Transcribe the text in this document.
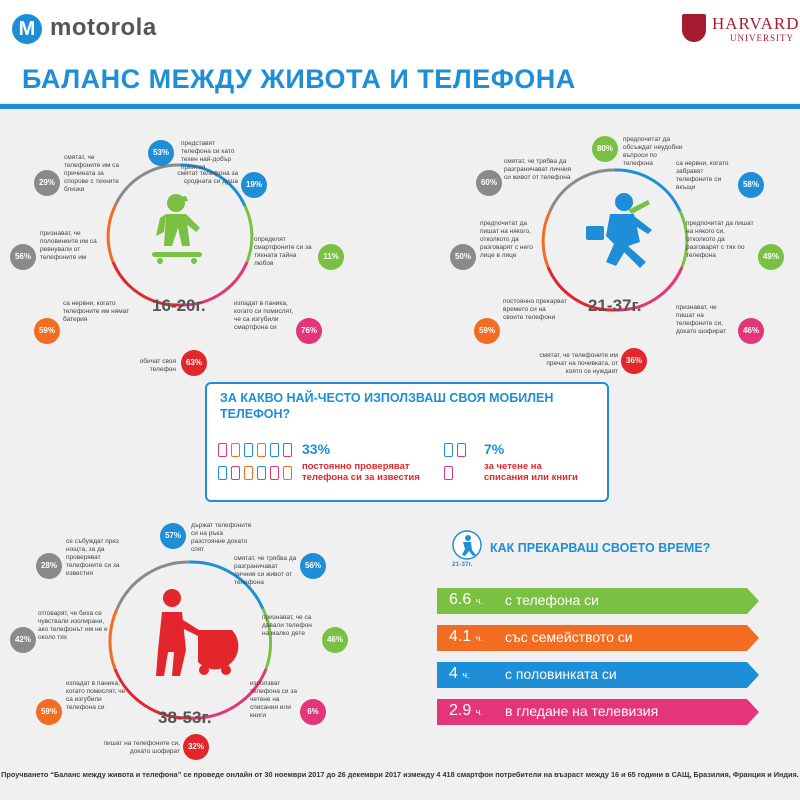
M motorola	HARVARD
UNIVERSITY
БАЛАНС МЕЖДУ ЖИВОТА И ТЕЛЕФОНА
16-20г.	21-37г.
38-53г.
53%
представят телефона си като техен най-добър приятел
19%
смятат телефона за сродната си душа
11%
определят смартфоните си за тяхната тайна любов
76%
изпадат в паника, когато си помислят, че са изгубили смартфона си
63%
обичат своя телефон
59%
са нервни, когато телефоните им нямат батерия
56%
признават, че половинките им са ревнували от телефоните им
29%
смятат, че телефоните им са причината за спорове с техните близки
80%
предпочитат да обсъждат неудобни въпроси по телефона
58%
са нервни, когато забравят телефоните си вкъщи
49%
предпочитат да пишат на някого си, отколкото да разговарят с тях по телефона
46%
признават, че пишат на телефоните си, докато шофират
36%
смятат, че телефоните им пречат на почивката, от която се нуждаят
59%
постоянно прекарват времето си на своите телефони
50%
предпочитат да пишат на някого, отколкото да разговарят с него лице в лице
60%
смятат, че трябва да разграничават личния си живот от телефона
ЗА КАКВО НАЙ-ЧЕСТО ИЗПОЛЗВАШ СВОЯ МОБИЛЕН ТЕЛЕФОН?
33%
постоянно проверяват телефона си за известия
7%
за четене на списания или книги
57%
държат телефоните си на ръка разстояние докато спят
56%
смятат, че трябва да разграничават личния си живот от телефона
46%
признават, че са давали телефон на малко дете
6%
използват телефона си за четене на списания или книги
32%
пишат на телефоните си, докато шофират
59%
изпадат в паника, когато помислят, че са изгубили телефона си
42%
отговарят, че биха се чувствали изолирани, ако телефонът им не е около тях
28%
се събуждат през нощта, за да проверяват телефоните си за известия
21-37г.
КАК ПРЕКАРВАШ СВОЕТО ВРЕМЕ?
6.6 ч. с телефона си
4.1 ч. със семейството си
4 ч.	с половинката си
2.9 ч. в гледане на телевизия
Проучването “Баланс между живота и телефона” се проведе онлайн от 30 ноември 2017 до 26 декември 2017 измежду 4 418 смартфон потребители на възраст между 16 и 65 години в САЩ, Бразилия, Франция и Индия.
